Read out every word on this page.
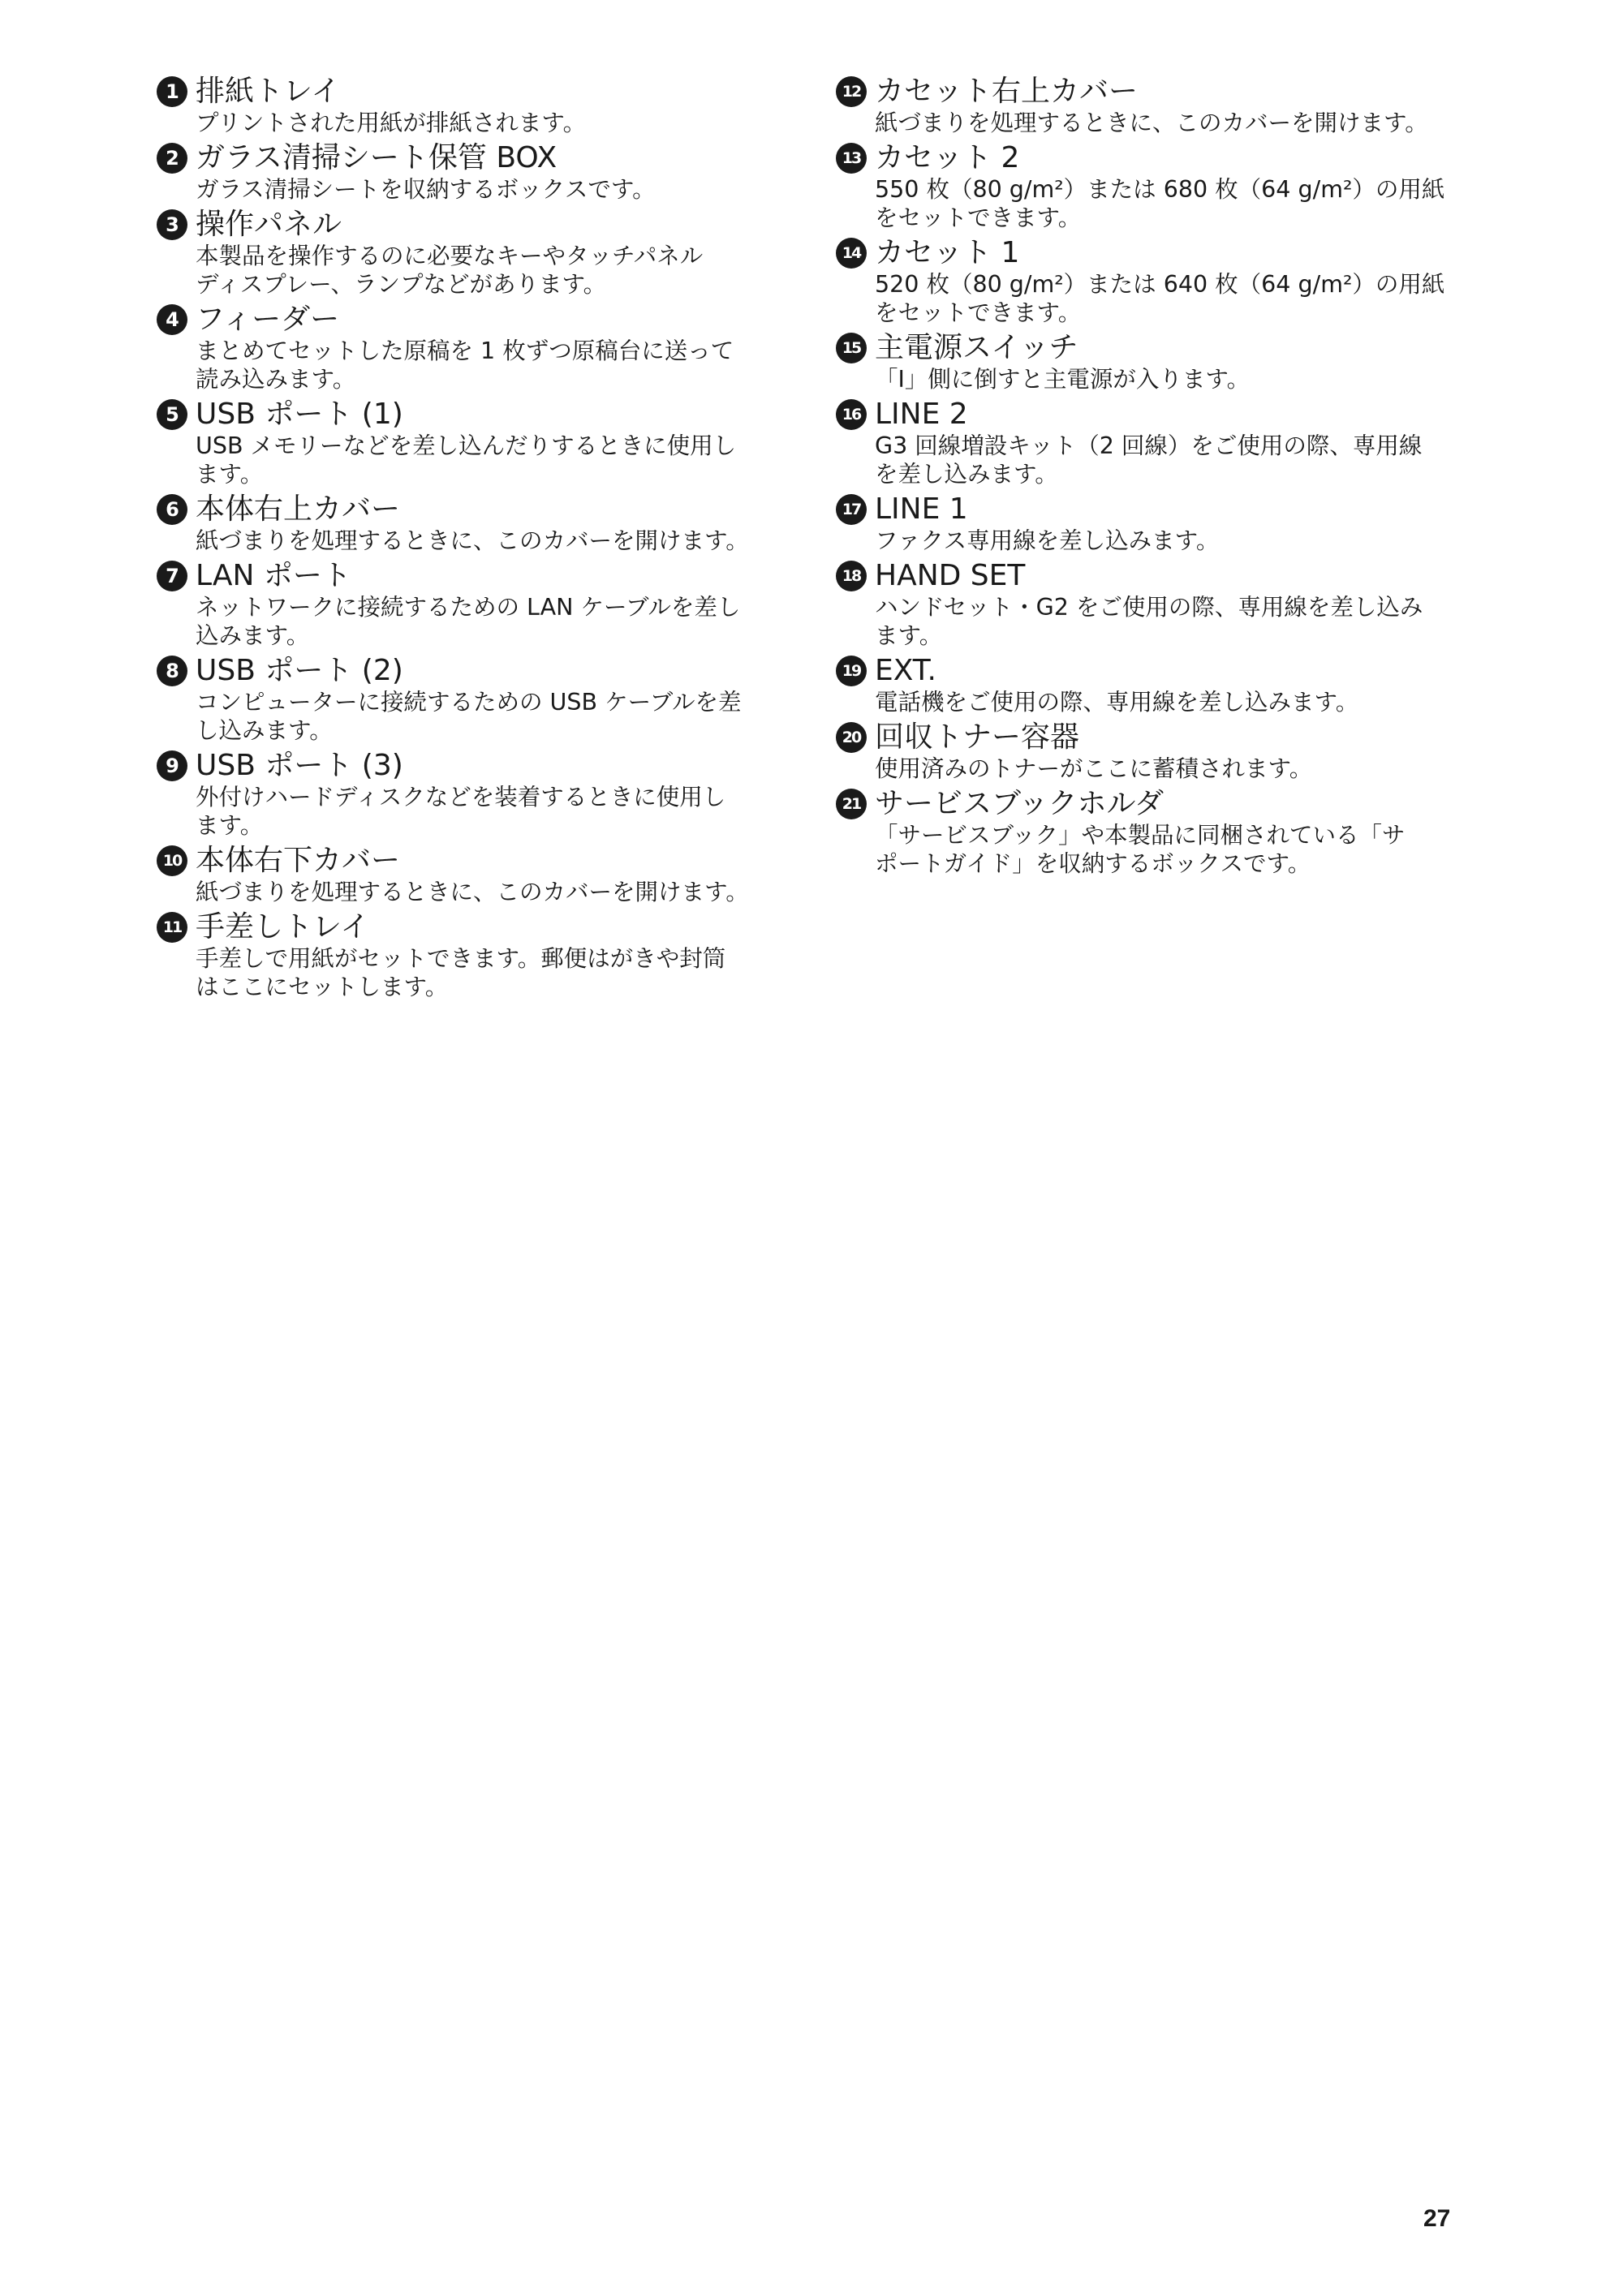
1 排紙トレイ
プリントされた用紙が排紙されます。
2 ガラス清掃シート保管 BOX
ガラス清掃シートを収納するボックスです。
3 操作パネル
本製品を操作するのに必要なキーやタッチパネル
ディスプレー、ランプなどがあります。
4 フィーダー
まとめてセットした原稿を 1 枚ずつ原稿台に送って
読み込みます。
5 USB ポート (1)
USB メモリーなどを差し込んだりするときに使用し
ます。
6 本体右上カバー
紙づまりを処理するときに、このカバーを開けます。
7 LAN ポート
ネットワークに接続するための LAN ケーブルを差し
込みます。
8 USB ポート (2)
コンピューターに接続するための USB ケーブルを差
し込みます。
9 USB ポート (3)
外付けハードディスクなどを装着するときに使用し
ます。
10 本体右下カバー
紙づまりを処理するときに、このカバーを開けます。
11 手差しトレイ
手差しで用紙がセットできます。郵便はがきや封筒
はここにセットします。
12 カセット右上カバー
紙づまりを処理するときに、このカバーを開けます。
13 カセット 2
550 枚（80 g/m²）または 680 枚（64 g/m²）の用紙
をセットできます。
14 カセット 1
520 枚（80 g/m²）または 640 枚（64 g/m²）の用紙
をセットできます。
15 主電源スイッチ
「I」側に倒すと主電源が入ります。
16 LINE 2
G3 回線増設キット（2 回線）をご使用の際、専用線
を差し込みます。
17 LINE 1
ファクス専用線を差し込みます。
18 HAND SET
ハンドセット・G2 をご使用の際、専用線を差し込み
ます。
19 EXT.
電話機をご使用の際、専用線を差し込みます。
20 回収トナー容器
使用済みのトナーがここに蓄積されます。
21 サービスブックホルダ
「サービスブック」や本製品に同梱されている「サ
ポートガイド」を収納するボックスです。
27
